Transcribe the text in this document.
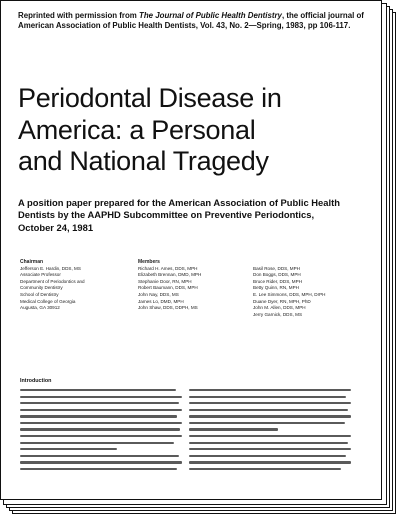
Reprinted with permission from The Journal of Public Health Dentistry, the official journal of American Association of Public Health Dentists, Vol. 43, No. 2—Spring, 1983, pp 106-117.
Periodontal Disease in
America: a Personal
and National Tragedy
A position paper prepared for the American Association of Public Health
Dentists by the AAPHD Subcommittee on Preventive Periodontics,
October 24, 1981
Chairman
Jefferson E. Hardin, DDS, MS
Associate Professor
Department of Periodontics and
Community Dentistry
School of Dentistry
Medical College of Georgia
Augusta, GA 30912
Members
Richard H. Ames, DDS, MPH
Elizabeth Brennan, DMD, MPH
Stephanie Door, RN, MPH
Robert Baumann, DDS, MPH
John Nay, DDS, MS
James Lo, DMD, MPH
John Shaw, DDS, DDPH, MS

Basil Rose, DDS, MPH
Don Boggs, DDS, MPH
Bruce Rider, DDS, MPH
Betty Quinn, RN, MPH
E. Lee Simmons, DDS, MPH, DrPH
Duane Dyer, RN, MPH, PhD
John M. Allen, DDS, MPH
Jerry Garnick, DDS, MS
Introduction
